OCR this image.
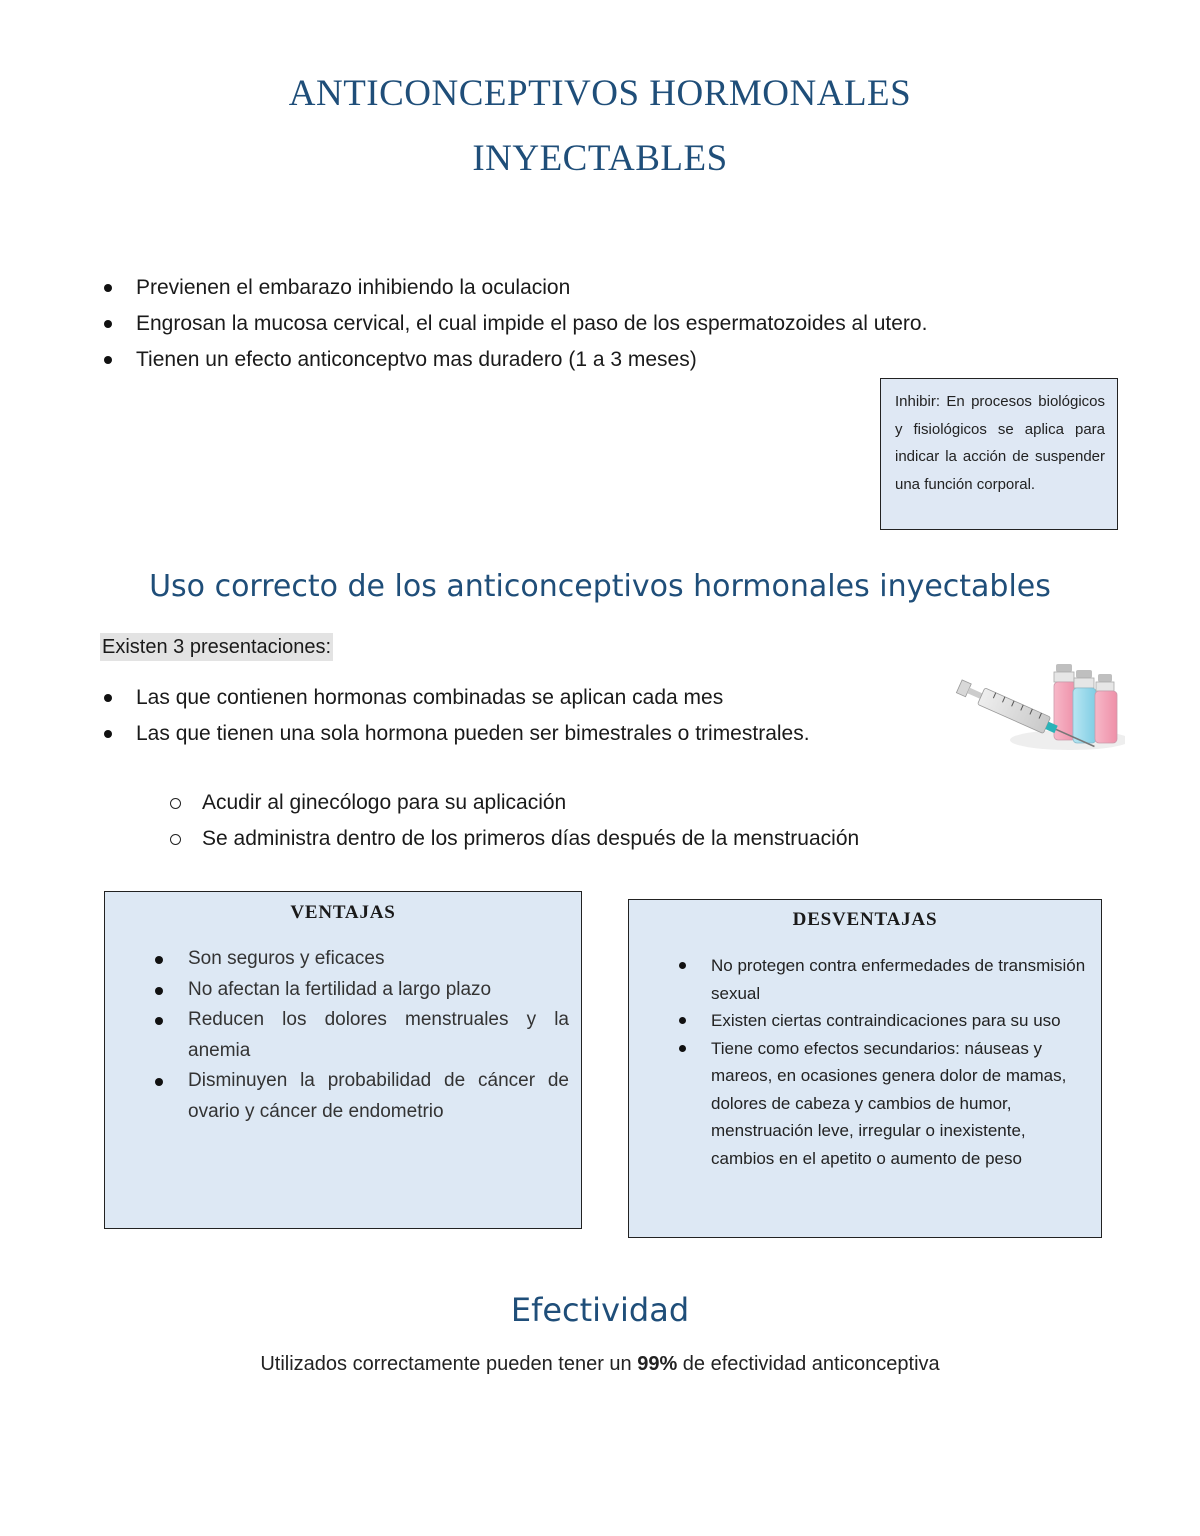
ANTICONCEPTIVOS HORMONALES
INYECTABLES
Previenen el embarazo inhibiendo la oculacion
Engrosan la mucosa cervical, el cual impide el paso de los espermatozoides al utero.
Tienen un efecto anticonceptvo mas duradero (1 a 3 meses)
Inhibir: En procesos biológicos y fisiológicos se aplica para indicar la acción de suspender una función corporal.
Uso correcto de los anticonceptivos hormonales inyectables
Existen 3 presentaciones:
Las que contienen hormonas combinadas se aplican cada mes
Las que tienen una sola hormona pueden ser bimestrales o trimestrales.
Acudir al ginecólogo para su aplicación
Se administra dentro de los primeros días después de la menstruación
VENTAJAS
Son seguros y eficaces
No afectan la fertilidad a largo plazo
Reducen los dolores menstruales y la anemia
Disminuyen la probabilidad de cáncer de ovario y cáncer de endometrio
DESVENTAJAS
No protegen contra enfermedades de transmisión sexual
Existen ciertas contraindicaciones para su uso
Tiene como efectos secundarios: náuseas y mareos, en ocasiones genera dolor de mamas, dolores de cabeza y cambios de humor, menstruación leve, irregular o inexistente, cambios en el apetito o aumento de peso
Efectividad
Utilizados correctamente pueden tener un 99% de efectividad anticonceptiva
